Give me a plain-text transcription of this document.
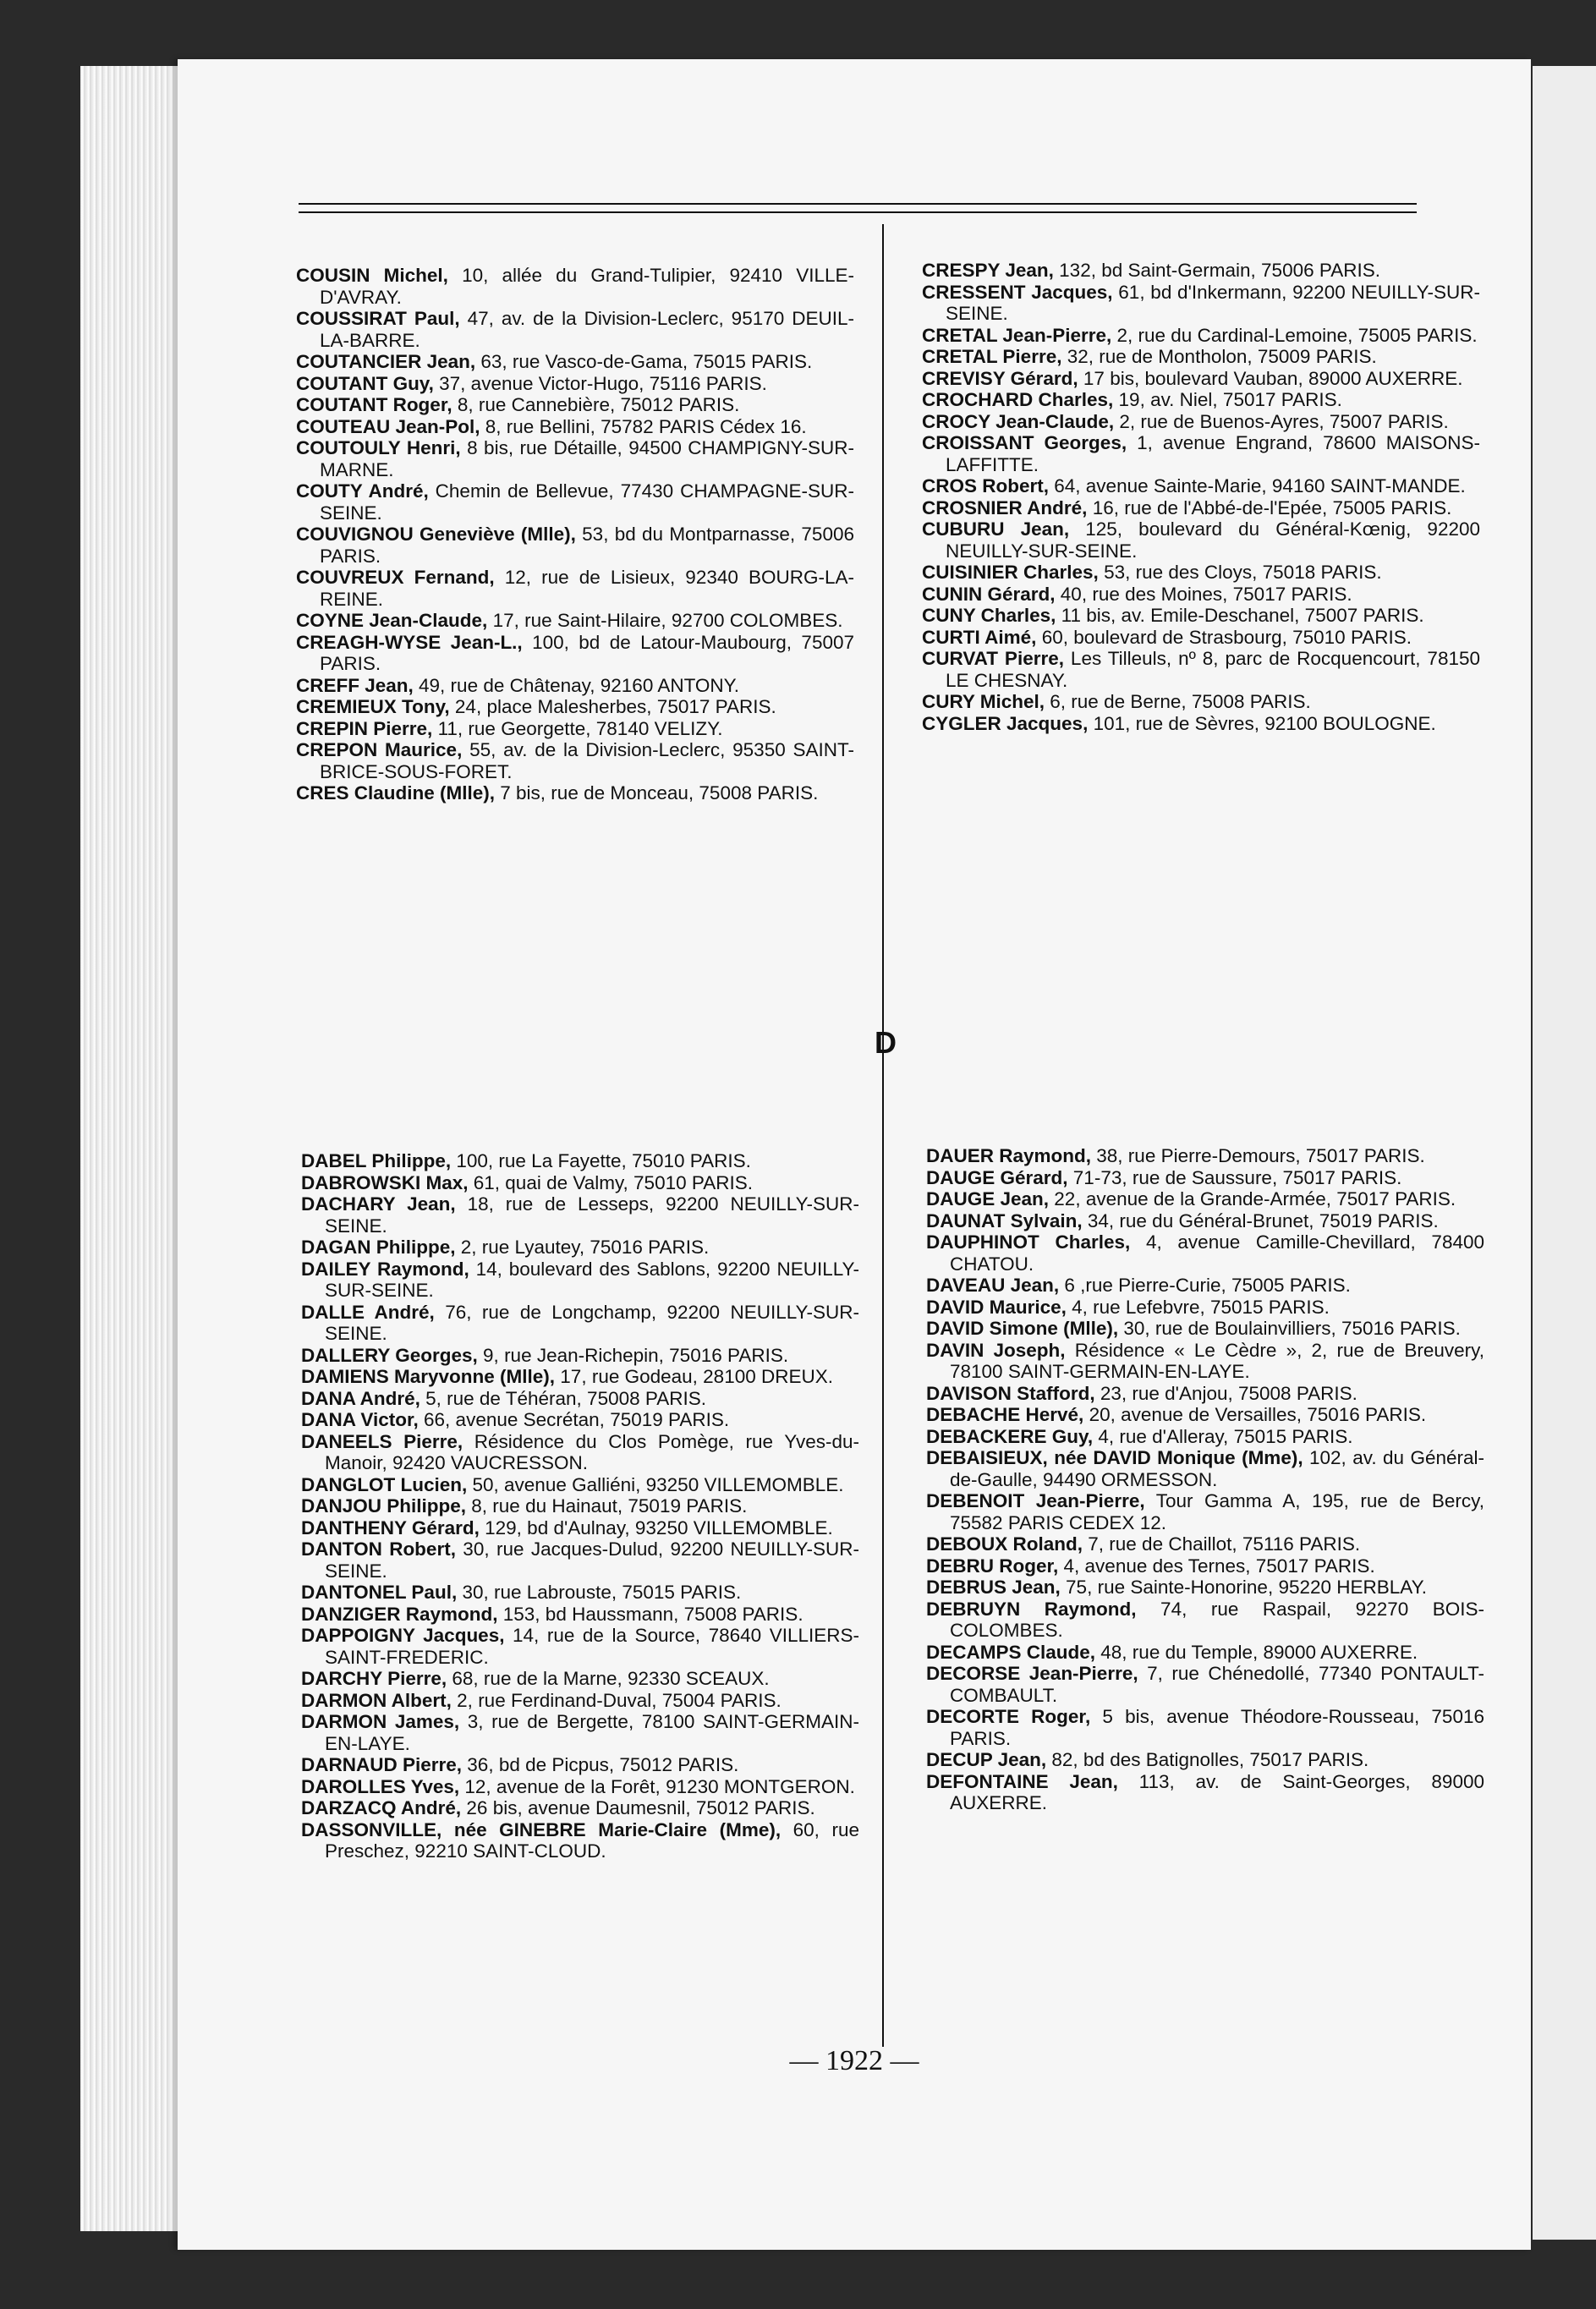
COUSIN Michel, 10, allée du Grand-Tulipier, 92410 VILLE-D'AVRAY.
COUSSIRAT Paul, 47, av. de la Division-Leclerc, 95170 DEUIL-LA-BARRE.
COUTANCIER Jean, 63, rue Vasco-de-Gama, 75015 PARIS.
COUTANT Guy, 37, avenue Victor-Hugo, 75116 PARIS.
COUTANT Roger, 8, rue Cannebière, 75012 PARIS.
COUTEAU Jean-Pol, 8, rue Bellini, 75782 PARIS Cédex 16.
COUTOULY Henri, 8 bis, rue Détaille, 94500 CHAMPIGNY-SUR-MARNE.
COUTY André, Chemin de Bellevue, 77430 CHAMPAGNE-SUR-SEINE.
COUVIGNOU Geneviève (Mlle), 53, bd du Montparnasse, 75006 PARIS.
COUVREUX Fernand, 12, rue de Lisieux, 92340 BOURG-LA-REINE.
COYNE Jean-Claude, 17, rue Saint-Hilaire, 92700 COLOMBES.
CREAGH-WYSE Jean-L., 100, bd de Latour-Maubourg, 75007 PARIS.
CREFF Jean, 49, rue de Châtenay, 92160 ANTONY.
CREMIEUX Tony, 24, place Malesherbes, 75017 PARIS.
CREPIN Pierre, 11, rue Georgette, 78140 VELIZY.
CREPON Maurice, 55, av. de la Division-Leclerc, 95350 SAINT-BRICE-SOUS-FORET.
CRES Claudine (Mlle), 7 bis, rue de Monceau, 75008 PARIS.
CRESPY Jean, 132, bd Saint-Germain, 75006 PARIS.
CRESSENT Jacques, 61, bd d'Inkermann, 92200 NEUILLY-SUR-SEINE.
CRETAL Jean-Pierre, 2, rue du Cardinal-Lemoine, 75005 PARIS.
CRETAL Pierre, 32, rue de Montholon, 75009 PARIS.
CREVISY Gérard, 17 bis, boulevard Vauban, 89000 AUXERRE.
CROCHARD Charles, 19, av. Niel, 75017 PARIS.
CROCY Jean-Claude, 2, rue de Buenos-Ayres, 75007 PARIS.
CROISSANT Georges, 1, avenue Engrand, 78600 MAISONS-LAFFITTE.
CROS Robert, 64, avenue Sainte-Marie, 94160 SAINT-MANDE.
CROSNIER André, 16, rue de l'Abbé-de-l'Epée, 75005 PARIS.
CUBURU Jean, 125, boulevard du Général-Kœnig, 92200 NEUILLY-SUR-SEINE.
CUISINIER Charles, 53, rue des Cloys, 75018 PARIS.
CUNIN Gérard, 40, rue des Moines, 75017 PARIS.
CUNY Charles, 11 bis, av. Emile-Deschanel, 75007 PARIS.
CURTI Aimé, 60, boulevard de Strasbourg, 75010 PARIS.
CURVAT Pierre, Les Tilleuls, nº 8, parc de Rocquencourt, 78150 LE CHESNAY.
CURY Michel, 6, rue de Berne, 75008 PARIS.
CYGLER Jacques, 101, rue de Sèvres, 92100 BOULOGNE.
D
DABEL Philippe, 100, rue La Fayette, 75010 PARIS.
DABROWSKI Max, 61, quai de Valmy, 75010 PARIS.
DACHARY Jean, 18, rue de Lesseps, 92200 NEUILLY-SUR-SEINE.
DAGAN Philippe, 2, rue Lyautey, 75016 PARIS.
DAILEY Raymond, 14, boulevard des Sablons, 92200 NEUILLY-SUR-SEINE.
DALLE André, 76, rue de Longchamp, 92200 NEUILLY-SUR-SEINE.
DALLERY Georges, 9, rue Jean-Richepin, 75016 PARIS.
DAMIENS Maryvonne (Mlle), 17, rue Godeau, 28100 DREUX.
DANA André, 5, rue de Téhéran, 75008 PARIS.
DANA Victor, 66, avenue Secrétan, 75019 PARIS.
DANEELS Pierre, Résidence du Clos Pomège, rue Yves-du-Manoir, 92420 VAUCRESSON.
DANGLOT Lucien, 50, avenue Galliéni, 93250 VILLEMOMBLE.
DANJOU Philippe, 8, rue du Hainaut, 75019 PARIS.
DANTHENY Gérard, 129, bd d'Aulnay, 93250 VILLEMOMBLE.
DANTON Robert, 30, rue Jacques-Dulud, 92200 NEUILLY-SUR-SEINE.
DANTONEL Paul, 30, rue Labrouste, 75015 PARIS.
DANZIGER Raymond, 153, bd Haussmann, 75008 PARIS.
DAPPOIGNY Jacques, 14, rue de la Source, 78640 VILLIERS-SAINT-FREDERIC.
DARCHY Pierre, 68, rue de la Marne, 92330 SCEAUX.
DARMON Albert, 2, rue Ferdinand-Duval, 75004 PARIS.
DARMON James, 3, rue de Bergette, 78100 SAINT-GERMAIN-EN-LAYE.
DARNAUD Pierre, 36, bd de Picpus, 75012 PARIS.
DAROLLES Yves, 12, avenue de la Forêt, 91230 MONTGERON.
DARZACQ André, 26 bis, avenue Daumesnil, 75012 PARIS.
DASSONVILLE, née GINEBRE Marie-Claire (Mme), 60, rue Preschez, 92210 SAINT-CLOUD.
DAUER Raymond, 38, rue Pierre-Demours, 75017 PARIS.
DAUGE Gérard, 71-73, rue de Saussure, 75017 PARIS.
DAUGE Jean, 22, avenue de la Grande-Armée, 75017 PARIS.
DAUNAT Sylvain, 34, rue du Général-Brunet, 75019 PARIS.
DAUPHINOT Charles, 4, avenue Camille-Chevillard, 78400 CHATOU.
DAVEAU Jean, 6 ,rue Pierre-Curie, 75005 PARIS.
DAVID Maurice, 4, rue Lefebvre, 75015 PARIS.
DAVID Simone (Mlle), 30, rue de Boulainvilliers, 75016 PARIS.
DAVIN Joseph, Résidence « Le Cèdre », 2, rue de Breuvery, 78100 SAINT-GERMAIN-EN-LAYE.
DAVISON Stafford, 23, rue d'Anjou, 75008 PARIS.
DEBACHE Hervé, 20, avenue de Versailles, 75016 PARIS.
DEBACKERE Guy, 4, rue d'Alleray, 75015 PARIS.
DEBAISIEUX, née DAVID Monique (Mme), 102, av. du Général-de-Gaulle, 94490 ORMESSON.
DEBENOIT Jean-Pierre, Tour Gamma A, 195, rue de Bercy, 75582 PARIS CEDEX 12.
DEBOUX Roland, 7, rue de Chaillot, 75116 PARIS.
DEBRU Roger, 4, avenue des Ternes, 75017 PARIS.
DEBRUS Jean, 75, rue Sainte-Honorine, 95220 HERBLAY.
DEBRUYN Raymond, 74, rue Raspail, 92270 BOIS-COLOMBES.
DECAMPS Claude, 48, rue du Temple, 89000 AUXERRE.
DECORSE Jean-Pierre, 7, rue Chénedollé, 77340 PONTAULT-COMBAULT.
DECORTE Roger, 5 bis, avenue Théodore-Rousseau, 75016 PARIS.
DECUP Jean, 82, bd des Batignolles, 75017 PARIS.
DEFONTAINE Jean, 113, av. de Saint-Georges, 89000 AUXERRE.
— 1922 —
